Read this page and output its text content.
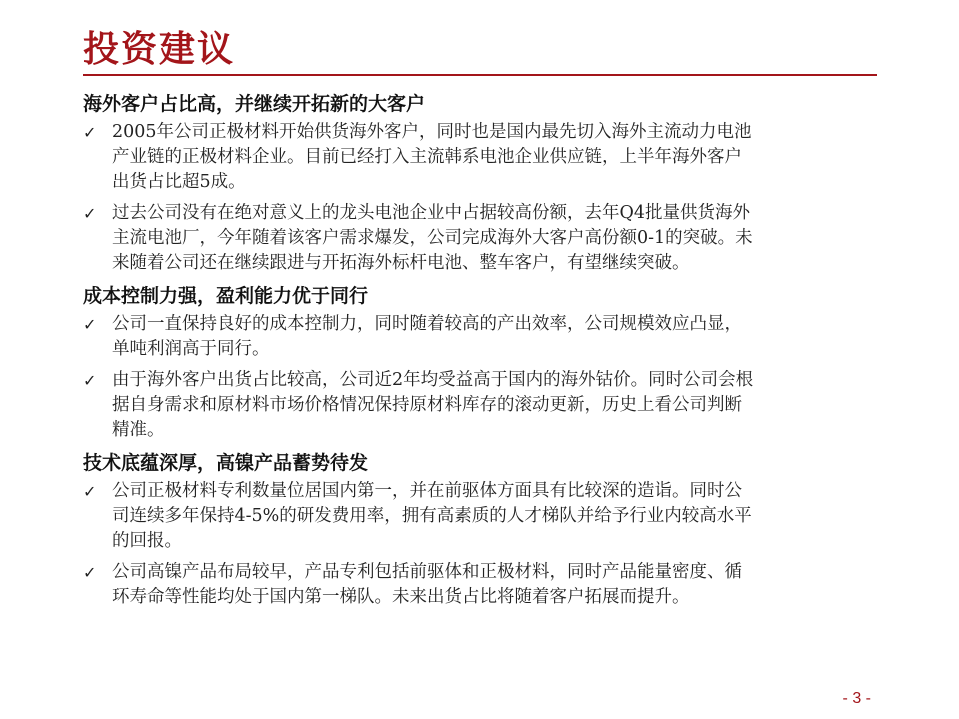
投资建议
海外客户占比高，并继续开拓新的大客户
✓ 2005年公司正极材料开始供货海外客户，同时也是国内最先切入海外主流动力电池
产业链的正极材料企业。目前已经打入主流韩系电池企业供应链，上半年海外客户
出货占比超5成。
✓ 过去公司没有在绝对意义上的龙头电池企业中占据较高份额，去年Q4批量供货海外
主流电池厂，今年随着该客户需求爆发，公司完成海外大客户高份额0-1的突破。未
来随着公司还在继续跟进与开拓海外标杆电池、整车客户，有望继续突破。
成本控制力强，盈利能力优于同行
✓ 公司一直保持良好的成本控制力，同时随着较高的产出效率，公司规模效应凸显，
单吨利润高于同行。
✓ 由于海外客户出货占比较高，公司近2年均受益高于国内的海外钴价。同时公司会根
据自身需求和原材料市场价格情况保持原材料库存的滚动更新，历史上看公司判断
精准。
技术底蕴深厚，高镍产品蓄势待发
✓ 公司正极材料专利数量位居国内第一，并在前驱体方面具有比较深的造诣。同时公
司连续多年保持4-5%的研发费用率，拥有高素质的人才梯队并给予行业内较高水平
的回报。
✓ 公司高镍产品布局较早，产品专利包括前驱体和正极材料，同时产品能量密度、循
环寿命等性能均处于国内第一梯队。未来出货占比将随着客户拓展而提升。
- 3 -
